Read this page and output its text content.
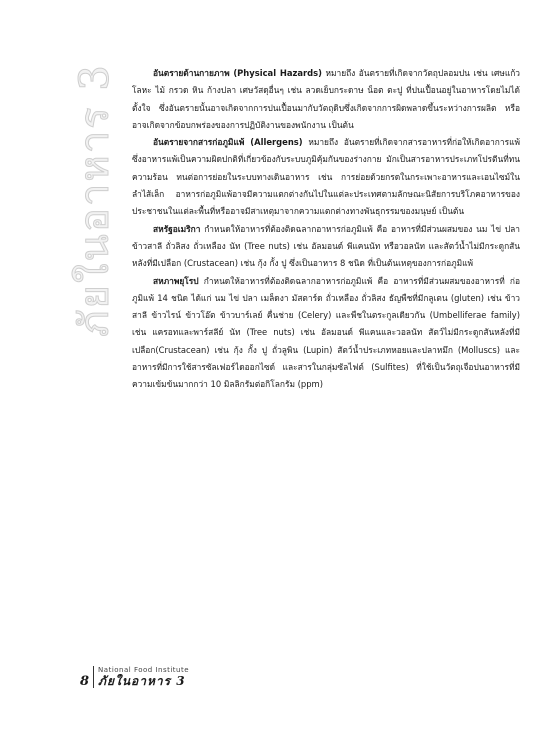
ภัยในอาหาร 3	อันตรายด้านกายภาพ (Physical Hazards) หมายถึง อันตรายที่เกิดจากวัตถุปลอมปน เช่น เศษแก้ว โลหะ ไม้ กรวด หิน ก้างปลา เศษวัสดุอื่นๆ เช่น ลวดเย็บกระดาษ น็อต ตะปู ที่ปนเปื้อนอยู่ในอาหารโดยไม่ได้ตั้งใจ ซึ่งอันตรายนั้นอาจเกิดจากการปนเปื้อนมากับวัตถุดิบซึ่งเกิดจากการผิดพลาดขึ้นระหว่างการผลิต หรืออาจเกิดจากข้อบกพร่องของการปฏิบัติงานของพนักงาน เป็นต้น

อันตรายจากสารก่อภูมิแพ้ (Allergens) หมายถึง อันตรายที่เกิดจากสารอาหารที่ก่อให้เกิดอาการแพ้ ซึ่งอาหารแพ้เป็นความผิดปกติที่เกี่ยวข้องกับระบบภูมิคุ้มกันของร่างกาย มักเป็นสารอาหารประเภทโปรตีนที่ทนความร้อน ทนต่อการย่อยในระบบทางเดินอาหาร เช่น การย่อยด้วยกรดในกระเพาะอาหารและเอนไซม์ในลำไส้เล็ก อาหารก่อภูมิแพ้อาจมีความแตกต่างกันไปในแต่ละประเทศตามลักษณะนิสัยการบริโภคอาหารของประชาชนในแต่ละพื้นที่หรืออาจมีสาเหตุมาจากความแตกต่างทางพันธุกรรมของมนุษย์ เป็นต้น

สหรัฐอเมริกา กำหนดให้อาหารที่ต้องติดฉลากอาหารก่อภูมิแพ้ คือ อาหารที่มีส่วนผสมของ นม ไข่ ปลา ข้าวสาลี ถั่วลิสง ถั่วเหลือง นัท (Tree nuts) เช่น อัลมอนด์ พีแคนนัท หรือวอลนัท และสัตว์น้ำไม่มีกระดูกสันหลังที่มีเปลือก (Crustacean) เช่น กุ้ง กั้ง ปู ซึ่งเป็นอาหาร 8 ชนิด ที่เป็นต้นเหตุของการก่อภูมิแพ้

สหภาพยุโรป กำหนดให้อาหารที่ต้องติดฉลากอาหารก่อภูมิแพ้ คือ อาหารที่มีส่วนผสมของอาหารที่ ก่อภูมิแพ้ 14 ชนิด ได้แก่ นม ไข่ ปลา เมล็ดงา มัสตาร์ด ถั่วเหลือง ถั่วลิสง ธัญพืชที่มีกลูเตน (gluten) เช่น ข้าวสาลี ข้าวไรน์ ข้าวโอ๊ต ข้าวบาร์เลย์ คื่นช่าย (Celery) และพืชในตระกูลเดียวกัน (Umbelliferae family) เช่น แครอทและพาร์สลีย์ นัท (Tree nuts) เช่น อัลมอนด์ พีแคนและวอลนัท สัตว์ไม่มีกระดูกสันหลังที่มีเปลือก(Crustacean) เช่น กุ้ง กั้ง ปู ถั่วลูพิน (Lupin) สัตว์น้ำประเภทหอยและปลาหมึก (Molluscs) และอาหารที่มีการใช้สารซัลเฟอร์ไดออกไซด์ และสารในกลุ่มซัลไฟต์ (Sulfites) ที่ใช้เป็นวัตถุเจือปนอาหารที่มีความเข้มข้นมากกว่า 10 มิลลิกรัมต่อกิโลกรัม (ppm)

8
National Food Institute
ภัยในอาหาร 3
